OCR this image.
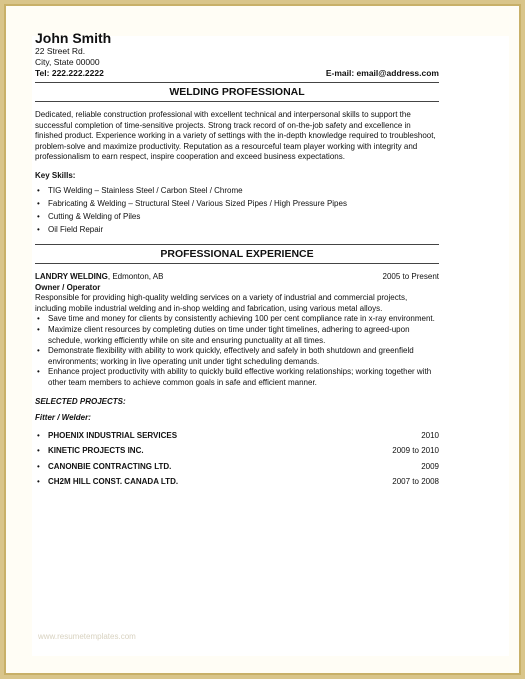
John Smith
22 Street Rd.
City, State 00000
Tel: 222.222.2222	E-mail: email@address.com
WELDING PROFESSIONAL

Dedicated, reliable construction professional with excellent technical and interpersonal skills to support the successful completion of time-sensitive projects. Strong track record of on-the-job safety and excellence in finished product. Experience working in a variety of settings with the in-depth knowledge required to troubleshoot, problem-solve and maximize productivity. Reputation as a resourceful team player working with integrity and professionalism to earn respect, inspire cooperation and exceed business expectations.

Key Skills:
• TIG Welding – Stainless Steel / Carbon Steel / Chrome
• Fabricating & Welding – Structural Steel / Various Sized Pipes / High Pressure Pipes
• Cutting & Welding of Piles
• Oil Field Repair
PROFESSIONAL EXPERIENCE
LANDRY WELDING, Edmonton, AB	2005 to Present
Owner / Operator
Responsible for providing high-quality welding services on a variety of industrial and commercial projects, including mobile industrial welding and in-shop welding and fabrication, using various metal alloys.
• Save time and money for clients by consistently achieving 100 per cent compliance rate in x-ray environment.
• Maximize client resources by completing duties on time under tight timelines, adhering to agreed-upon schedule, working efficiently while on site and ensuring punctuality at all times.
• Demonstrate flexibility with ability to work quickly, effectively and safely in both shutdown and greenfield environments; working in live operating unit under tight scheduling demands.
• Enhance project productivity with ability to quickly build effective working relationships; working together with other team members to achieve common goals in safe and efficient manner.
SELECTED PROJECTS:
Fitter / Welder:
• PHOENIX INDUSTRIAL SERVICES	2010
• KINETIC PROJECTS INC.	2009 to 2010
• CANONBIE CONTRACTING LTD.	2009
• CH2M HILL CONST. CANADA LTD.	2007 to 2008
www.resumetemplates.com
